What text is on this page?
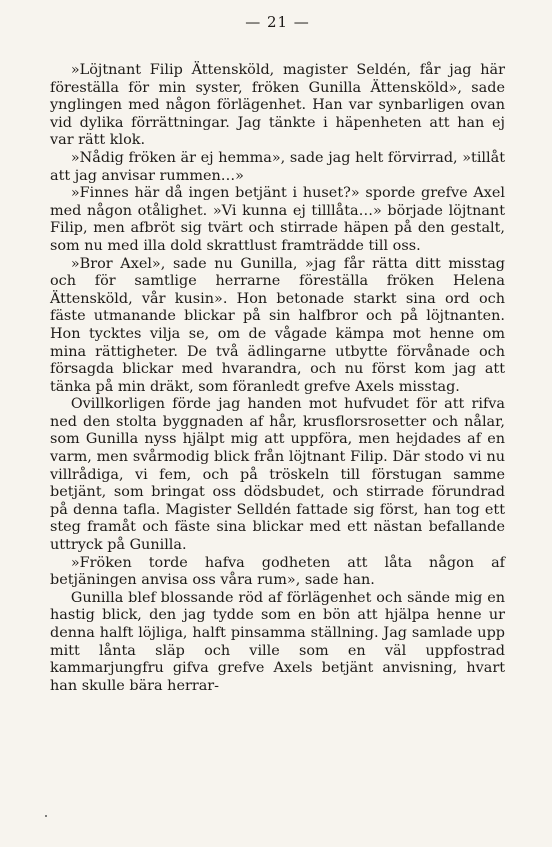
— 21 —

»Löjtnant Filip Ättensköld, magister Seldén, får jag här föreställa för min syster, fröken Gunilla Ättensköld», sade ynglingen med någon förlägenhet. Han var synbarligen ovan vid dylika förrättningar. Jag tänkte i häpenheten att han ej var rätt klok.

»Nådig fröken är ej hemma», sade jag helt förvirrad, »tillåt att jag anvisar rummen…»

»Finnes här då ingen betjänt i huset?» sporde grefve Axel med någon otålighet. »Vi kunna ej tilllåta…» började löjtnant Filip, men afbröt sig tvärt och stirrade häpen på den gestalt, som nu med illa dold skrattlust framträdde till oss.

»Bror Axel», sade nu Gunilla, »jag får rätta ditt misstag och för samtlige herrarne föreställa fröken Helena Ättensköld, vår kusin». Hon betonade starkt sina ord och fäste utmanande blickar på sin halfbror och på löjtnanten. Hon tycktes vilja se, om de vågade kämpa mot henne om mina rättigheter. De två ädlingarne utbytte förvånade och försagda blickar med hvarandra, och nu först kom jag att tänka på min dräkt, som föranledt grefve Axels misstag.

Ovillkorligen förde jag handen mot hufvudet för att rifva ned den stolta byggnaden af hår, krusflorsrosetter och nålar, som Gunilla nyss hjälpt mig att uppföra, men hejdades af en varm, men svårmodig blick från löjtnant Filip. Där stodo vi nu villrådiga, vi fem, och på tröskeln till förstugan samme betjänt, som bringat oss dödsbudet, och stirrade förundrad på denna tafla. Magister Selldén fattade sig först, han tog ett steg framåt och fäste sina blickar med ett nästan befallande uttryck på Gunilla.

»Fröken torde hafva godheten att låta någon af betjäningen anvisa oss våra rum», sade han.

Gunilla blef blossande röd af förlägenhet och sände mig en hastig blick, den jag tydde som en bön att hjälpa henne ur denna halft löjliga, halft pinsamma ställning. Jag samlade upp mitt lånta släp och ville som en väl uppfostrad kammarjungfru gifva grefve Axels betjänt anvisning, hvart han skulle bära herrar-
